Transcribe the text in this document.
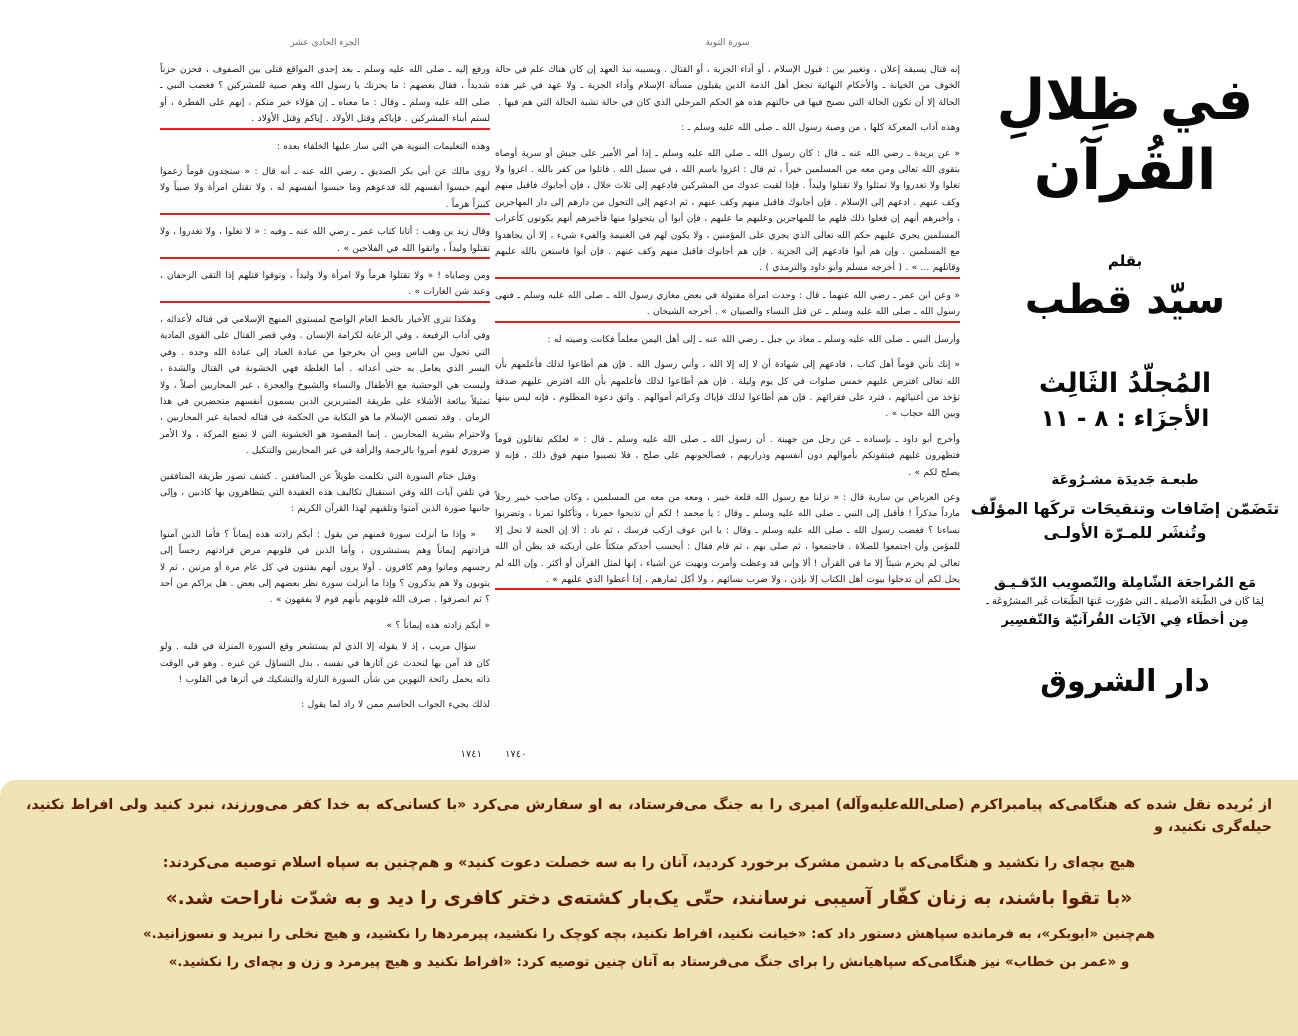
الجزء الحادي عشر

ورفع إليه ـ صلى الله عليه وسلم ـ بعد إحدى المواقع قتلى بين الصفوف ، فحزن حزناً شديداً ، فقال بعضهم : ما يحزنك يا رسول الله وهم صبية للمشركين ؟ فغضب النبي ـ صلى الله عليه وسلم ـ وقال : ما معناه ـ إن هؤلاء خير منكم ، إنهم على الفطرة ، أو لستم أبناء المشركين . فإياكم وقتل الأولاد . إياكم وقتل الأولاد .

وهذه التعليمات النبوية هي التي سار عليها الخلفاء بعده :

روى مالك عن أبي بكر الصديق ـ رضي الله عنه ـ أنه قال : « ستجدون قوماً زعموا أنهم حبسوا أنفسهم لله فدعوهم وما حبسوا أنفسهم له ، ولا تقتلن امرأة ولا صبياً ولا كبيراً هرماً .

وقال زيد بن وهب : أتانا كتاب عمر ـ رضي الله عنه ـ وفيه : « لا تغلوا ، ولا تغدروا ، ولا تقتلوا وليداً ، واتقوا الله في الفلاحين » .

ومن وصاياه ! « ولا تقتلوا هرماً ولا امرأة ولا وليداً ، وتوقوا قتلهم إذا التقى الزحفان ، وعند شن الغارات » .

وهكذا تترى الأخبار بالخط العام الواضح لمستوى المنهج الإسلامي في قتاله لأعدائه ، وفي آداب الرفيعة ، وفي الرعاية لكرامة الإنسان . وفي قصر القتال على القوى المادية التي تحول بين الناس وبين أن يخرجوا من عبادة العباد إلى عبادة الله وحده . وفي اليسر الذي يعامل به حتى أعدائه . أما الغلظة فهي الخشونة في القتال والشدة ، وليست هي الوحشية مع الأطفال والنساء والشيوخ والعجزة ، غير المحاربين أصلاً ، ولا تمثيلاً ببائعة الأشلاء على طريقة المتبربرين الذين يسمون أنفسهم متحضرين في هذا الزمان . وقد تضمن الإسلام ما هو النكاية من الحكمة في قتاله لحماية غير المحاربين ، ولاحترام بشرية المحاربين . إنما المقصود هو الخشونة التي لا تمنع المركة ، ولا الأمر ضروري لقوم أمروا بالرحمة والرأفة في غير المحاربين والتنكيل .

وقيل ختام السورة التي تكلمت طويلاً عن المنافقين . كشف تصور طريقة المنافقين في تلقي آيات الله وفي استقبال تكاليف هذه العقيدة التي يتظاهرون بها كاذبين ، وإلى جانبها صورة الذين آمنوا وتلقيهم لهذا القرآن الكريم :

« وإذا ما أنزلت سورة فمنهم من يقول : أيكم زادته هذه إيماناً ؟ فأما الذين آمنوا فزادتهم إيماناً وهم يستبشرون ، وأما الذين في قلوبهم مرض فزادتهم رجساً إلى رجسهم وماتوا وهم كافرون . أولا يرون أنهم يفتنون في كل عام مرة أو مرتين ، ثم لا يتوبون ولا هم يذكرون ؟ وإذا ما أنزلت سورة نظر بعضهم إلى بعض . هل يراكم من أحد ؟ ثم انصرفوا . صرف الله قلوبهم بأنهم قوم لا يفقهون » .

« أيكم زادته هذه إيماناً ؟ »

سؤال مريب ، إذ لا يقوله إلا الذي لم يستشعر وقع السورة المنزلة في قلبه . ولو كان قد آمن بها لتحدث عن آثارها في نفسه ، بدل التساؤل عن غيره . وهو في الوقت ذاته يحمل رائحة التهوين من شأن السورة النازلة والتشكيك في أثرها في القلوب !

لذلك يجيء الجواب الحاسم ممن لا راد لما يقول :

١٧٤١
سورة التوبة

إنه قتال يسبقه إعلان ، وتغيير بين : قبول الإسلام ، أو أداء الجزية ، أو القتال . وبسببه نبذ العهد إن كان هناك علم في حالة الخوف من الخيانة ـ والأحكام النهائية تجعل أهل الذمة الذين يقبلون مسألة الإسلام وأداء الجزية ـ ولا عهد في غير هذه الحالة إلا أن تكون الحالة التي نصبح فيها في حالتهم هذه هو الحكم المرحلي الذي كان في حالة تشبه الحالة التي هم فيها .

وهذه آداب المعركة كلها ، من وصية رسول الله ـ صلى الله عليه وسلم ـ :

« عن بريدة ـ رضي الله عنه ـ قال : كان رسول الله ـ صلى الله عليه وسلم ـ إذا أمر الأمير على جيش أو سرية أوصاه بتقوى الله تعالى ومن معه من المسلمين خيراً ، ثم قال : اغزوا باسم الله ، في سبيل الله . قاتلوا من كفر بالله . اغزوا ولا تغلوا ولا تغدروا ولا تمثلوا ولا تقتلوا وليداً . فإذا لقيت عدوك من المشركين فادعهم إلى ثلاث خلال ، فإن أجابوك فاقبل منهم وكف عنهم . ادعهم إلى الإسلام . فإن أجابوك فاقبل منهم وكف عنهم ، ثم ادعهم إلى التحول من دارهم إلى دار المهاجرين ، وأخبرهم أنهم إن فعلوا ذلك فلهم ما للمهاجرين وعليهم ما عليهم ، فإن أبوا أن يتحولوا منها فأخبرهم أنهم يكونون كأعراب المسلمين يجري عليهم حكم الله تعالى الذي يجري على المؤمنين ، ولا يكون لهم في الغنيمة والفيء شيء ، إلا أن يجاهدوا مع المسلمين . وإن هم أبوا فادعهم إلى الجزية . فإن هم أجابوك فاقبل منهم وكف عنهم . فإن أبوا فاستعن بالله عليهم وقاتلهم ... » . ( أخرجه مسلم وأبو داود والترمذي ) .

« وعن ابن عمر ـ رضي الله عنهما ـ قال : وجدت امرأة مقتولة في بعض مغازي رسول الله ـ صلى الله عليه وسلم ـ فنهى رسول الله ـ صلى الله عليه وسلم ـ عن قتل النساء والصبيان » . أخرجه الشيخان .

وأرسل النبي ـ صلى الله عليه وسلم ـ معاذ بن جبل ـ رضي الله عنه ـ إلى أهل اليمن معلماً فكانت وصيته له :

« إنك تأتي قوماً أهل كتاب ، فادعهم إلى شهادة أن لا إله إلا الله ، وأني رسول الله . فإن هم أطاعوا لذلك فأعلمهم بأن الله تعالى افترض عليهم خمس صلوات في كل يوم وليلة . فإن هم أطاعوا لذلك فأعلمهم بأن الله افترض عليهم صدقة تؤخذ من أغنيائهم ، فترد على فقرائهم . فإن هم أطاعوا لذلك فإياك وكرائم أموالهم . واتق دعوة المظلوم ، فإنه ليس بينها وبين الله حجاب » .

وأخرج أبو داود ـ بإسناده ـ عن رجل من جهينة . أن رسول الله ـ صلى الله عليه وسلم ـ قال : « لعلكم تقاتلون قوماً فتظهرون عليهم فيتقونكم بأموالهم دون أنفسهم وذراريهم ، فصالحونهم على صلح ، فلا تصيبوا منهم فوق ذلك ، فإنه لا يصلح لكم » .

وعن العرباض بن سارية قال : « نزلنا مع رسول الله قلعة خيبر ، ومعه من معه من المسلمين ، وكان صاحب خيبر رجلاً مارداً مذكراً ! فأقبل إلى النبي ـ صلى الله عليه وسلم ـ وقال : يا محمد ! لكم أن تذبحوا حمرنا ، وتأكلوا ثمرنا ، وتضربوا نساءنا ؟ فغضب رسول الله ـ صلى الله عليه وسلم ـ وقال : يا ابن عوف اركب فرسك ، ثم ناد : ألا إن الجنة لا تحل إلا للمؤمن وأن اجتمعوا للصلاة . فاجتمعوا ، ثم صلى بهم ، ثم قام فقال : أيحسب أحدكم متكئاً على أريكته قد يظن أن الله تعالى لم يحرم شيئاً إلا ما في القرآن ! ألا وإني قد وعظت وأمرت ونهيت عن أشياء ، إنها لمثل القرآن أو أكثر . وإن الله لم يحل لكم أن تدخلوا بيوت أهل الكتاب إلا بإذن ، ولا ضرب نسائهم ، ولا أكل ثمارهم ، إذا أعطوا الذي عليهم » .

١٧٤٠
في ظِلالِ القُرآن
بقلم
سيّد قطب
المُجلّدُ الثَالِث
الأجزَاء : ٨ - ١١
طبعـة جَديدَة مشـرُوعَة
تتَضَمّن إضَافات وتنقيحَات تركَها المؤلّف وتُنشَر للمـرّة الأولـى
مَع المُراجعَة الشّامِلة والتّصوِيب الدّقـيـق
لِمَا كَان في الطّبعَة الأصيلة ـ التي صُوّرت عَنهَا الطّبعَات غَير المشرُوعَة ـ
مِن أخطَاء فِي الآيَات القُرآنيّة وَالتّفسِير
دار الشروق

از بُریده نقل شده که هنگامی‌که پیامبراکرم (صلی‌الله‌علیه‌وآله) امیری را به جنگ می‌فرستاد، به او سفارش می‌کرد «با کسانی‌که به خدا کفر می‌ورزند، نبرد کنید ولی افراط نکنید، حیله‌گری نکنید، و

هیچ بچه‌ای را نکشید و هنگامی‌که با دشمن مشرک برخورد کردید، آنان را به سه خصلت دعوت کنید» و هم‌چنین به سپاه اسلام توصیه می‌کردند:

«با تقوا باشند، به زنان کفّار آسیبی نرسانند، حتّی یک‌بار کشته‌ی دختر کافری را دید و به شدّت ناراحت شد.»

هم‌چنین «ابوبکر»، به فرمانده سپاهش دستور داد که: «خیانت نکنید، افراط نکنید، بچه کوچک را نکشید، پیرمردها را نکشید، و هیچ نخلی را نبرید و نسوزانید.»

و «عمر بن خطاب» نیز هنگامی‌که سپاهیانش را برای جنگ می‌فرستاد به آنان چنین توصیه کرد: «افراط نکنید و هیچ پیرمرد و زن و بچه‌ای را نکشید.»
